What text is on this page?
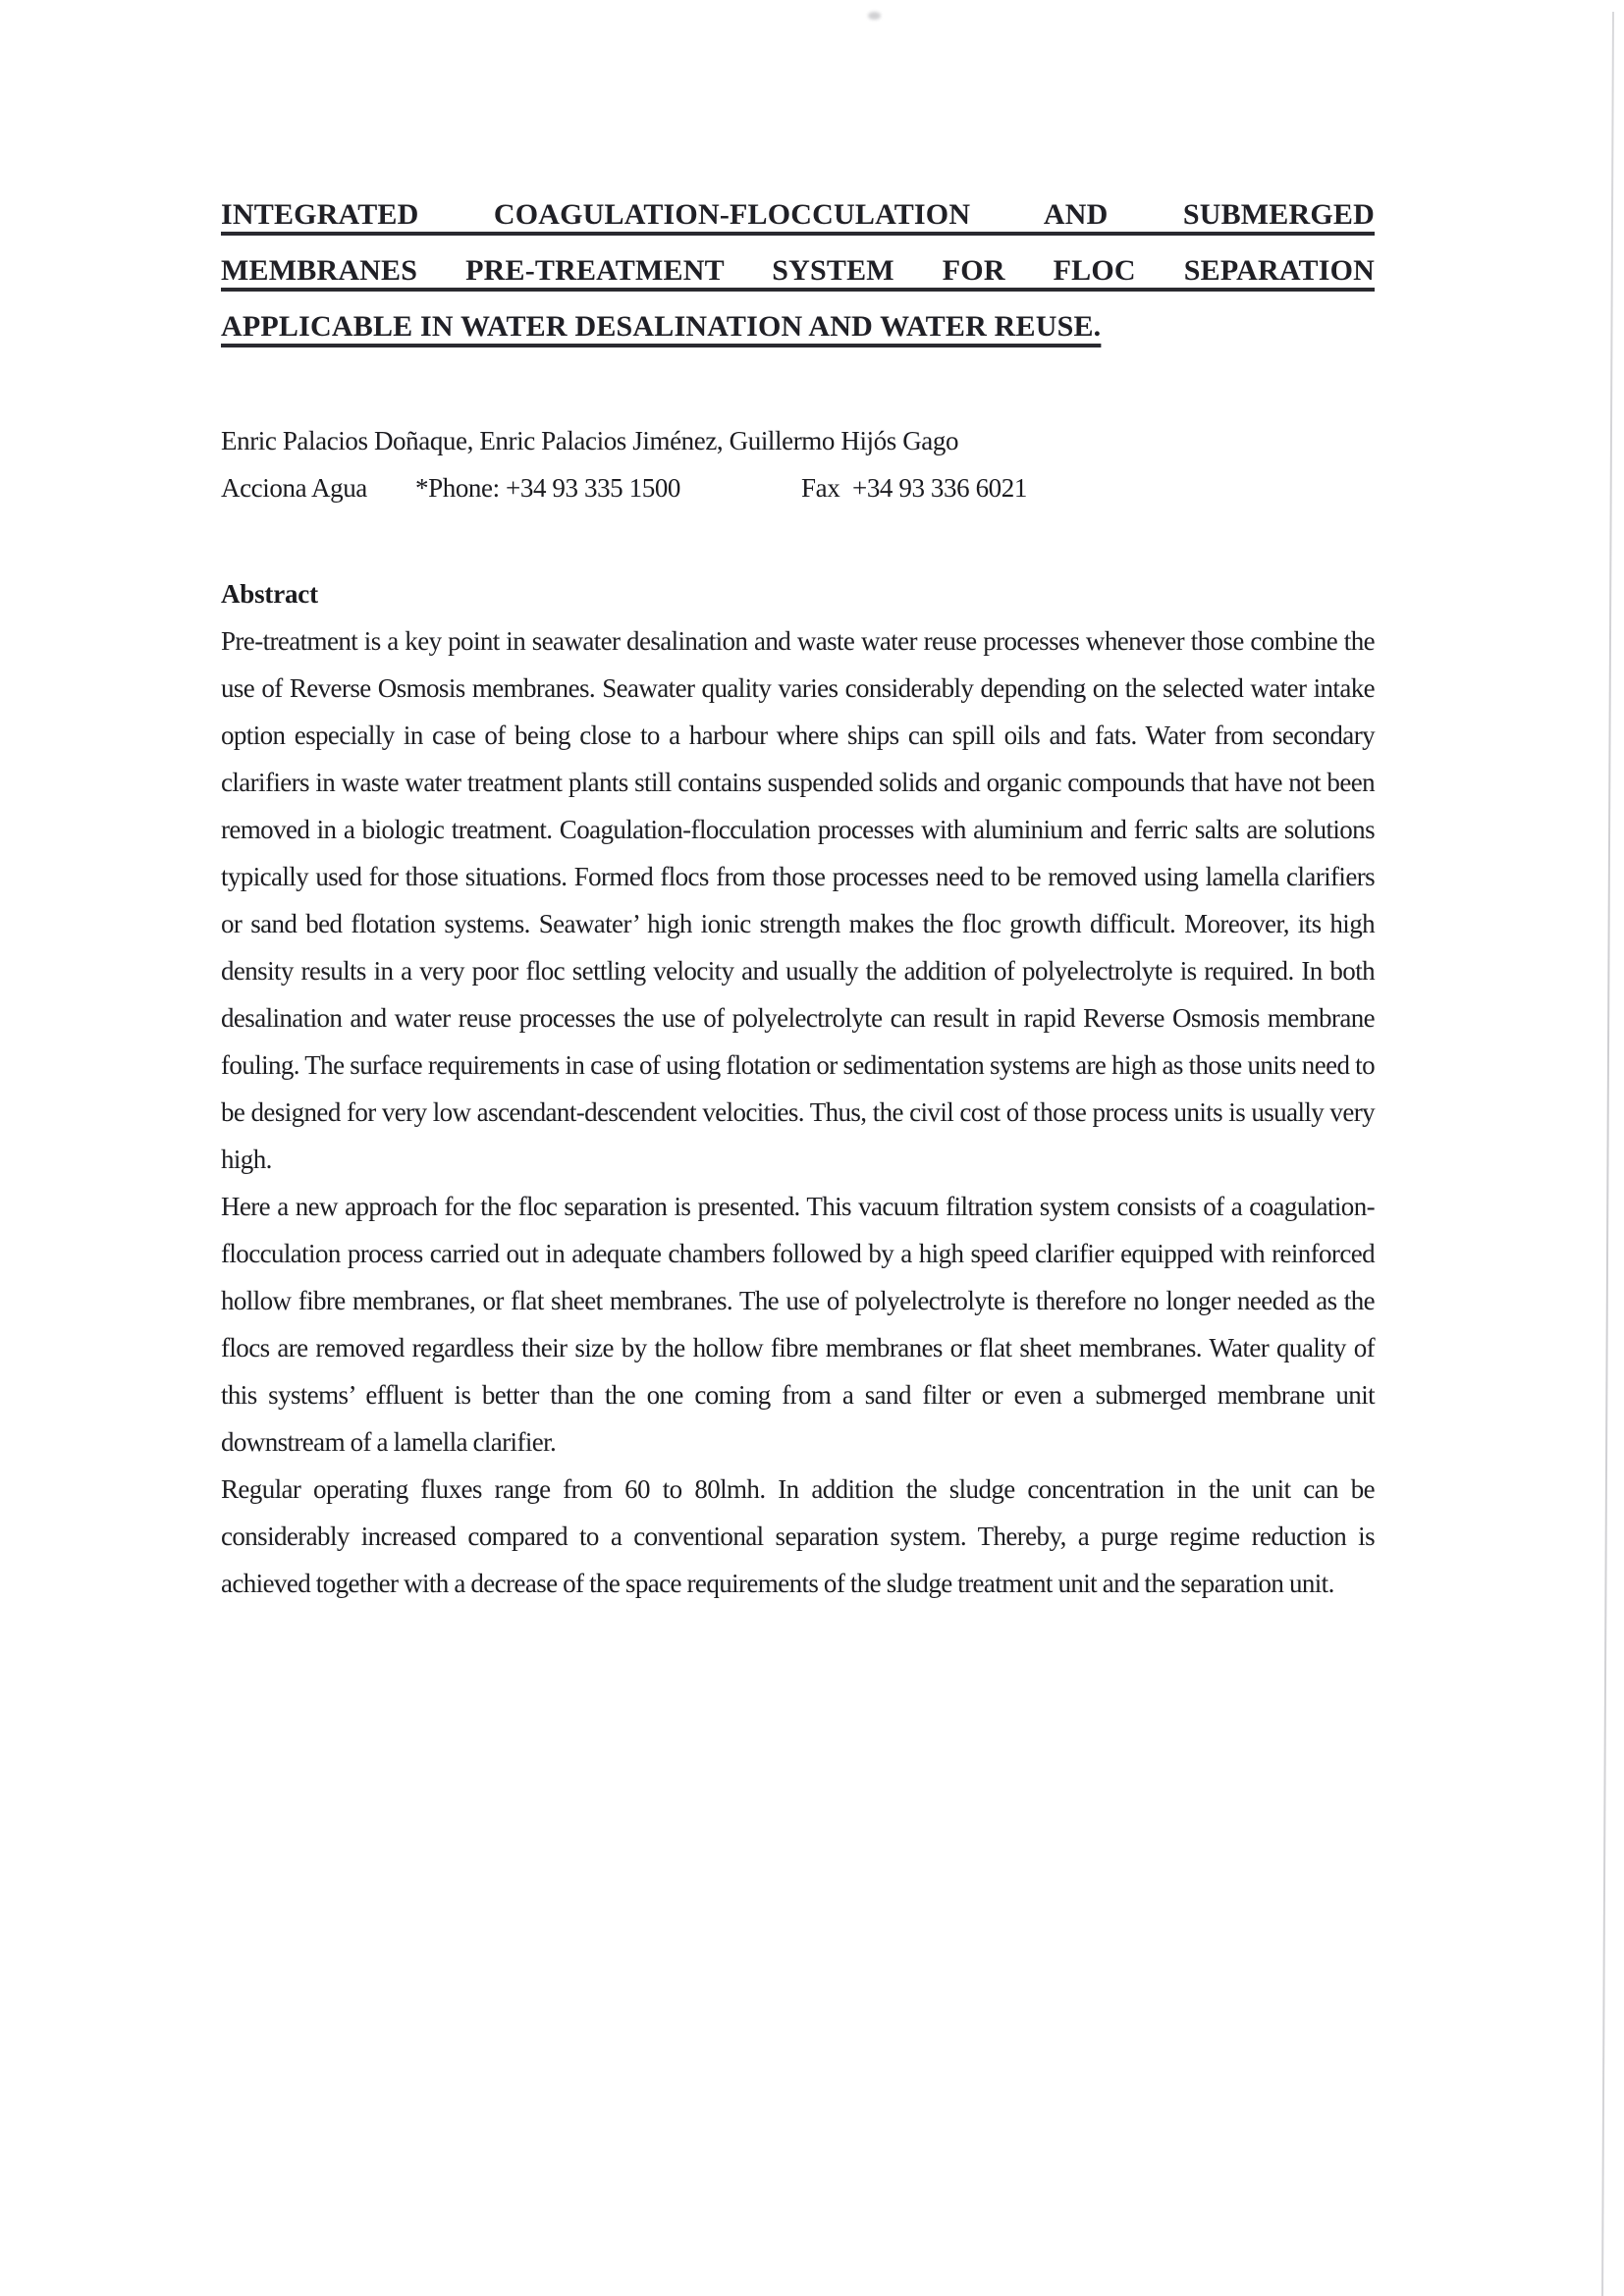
INTEGRATED COAGULATION-FLOCCULATION AND SUBMERGED
MEMBRANES PRE-TREATMENT SYSTEM FOR FLOC SEPARATION
APPLICABLE IN WATER DESALINATION AND WATER REUSE.
Enric Palacios Doñaque, Enric Palacios Jiménez, Guillermo Hijós Gago
Acciona Agua *Phone: +34 93 335 1500	Fax  +34 93 336 6021
Abstract

Pre-treatment is a key point in seawater desalination and waste water reuse processes whenever those combine the use of Reverse Osmosis membranes. Seawater quality varies considerably depending on the selected water intake option especially in case of being close to a harbour where ships can spill oils and fats. Water from secondary clarifiers in waste water treatment plants still contains suspended solids and organic compounds that have not been removed in a biologic treatment. Coagulation-flocculation processes with aluminium and ferric salts are solutions typically used for those situations. Formed flocs from those processes need to be removed using lamella clarifiers or sand bed flotation systems. Seawater’ high ionic strength makes the floc growth difficult. Moreover, its high density results in a very poor floc settling velocity and usually the addition of polyelectrolyte is required. In both desalination and water reuse processes the use of polyelectrolyte can result in rapid Reverse Osmosis membrane fouling. The surface requirements in case of using flotation or sedimentation systems are high as those units need to be designed for very low ascendant-descendent velocities. Thus, the civil cost of those process units is usually very high.

Here a new approach for the floc separation is presented. This vacuum filtration system consists of a coagulation-flocculation process carried out in adequate chambers followed by a high speed clarifier equipped with reinforced hollow fibre membranes, or flat sheet membranes. The use of polyelectrolyte is therefore no longer needed as the flocs are removed regardless their size by the hollow fibre membranes or flat sheet membranes. Water quality of this systems’ effluent is better than the one coming from a sand filter or even a submerged membrane unit downstream of a lamella clarifier.

Regular operating fluxes range from 60 to 80lmh. In addition the sludge concentration in the unit can be considerably increased compared to a conventional separation system. Thereby, a purge regime reduction is achieved together with a decrease of the space requirements of the sludge treatment unit and the separation unit.
